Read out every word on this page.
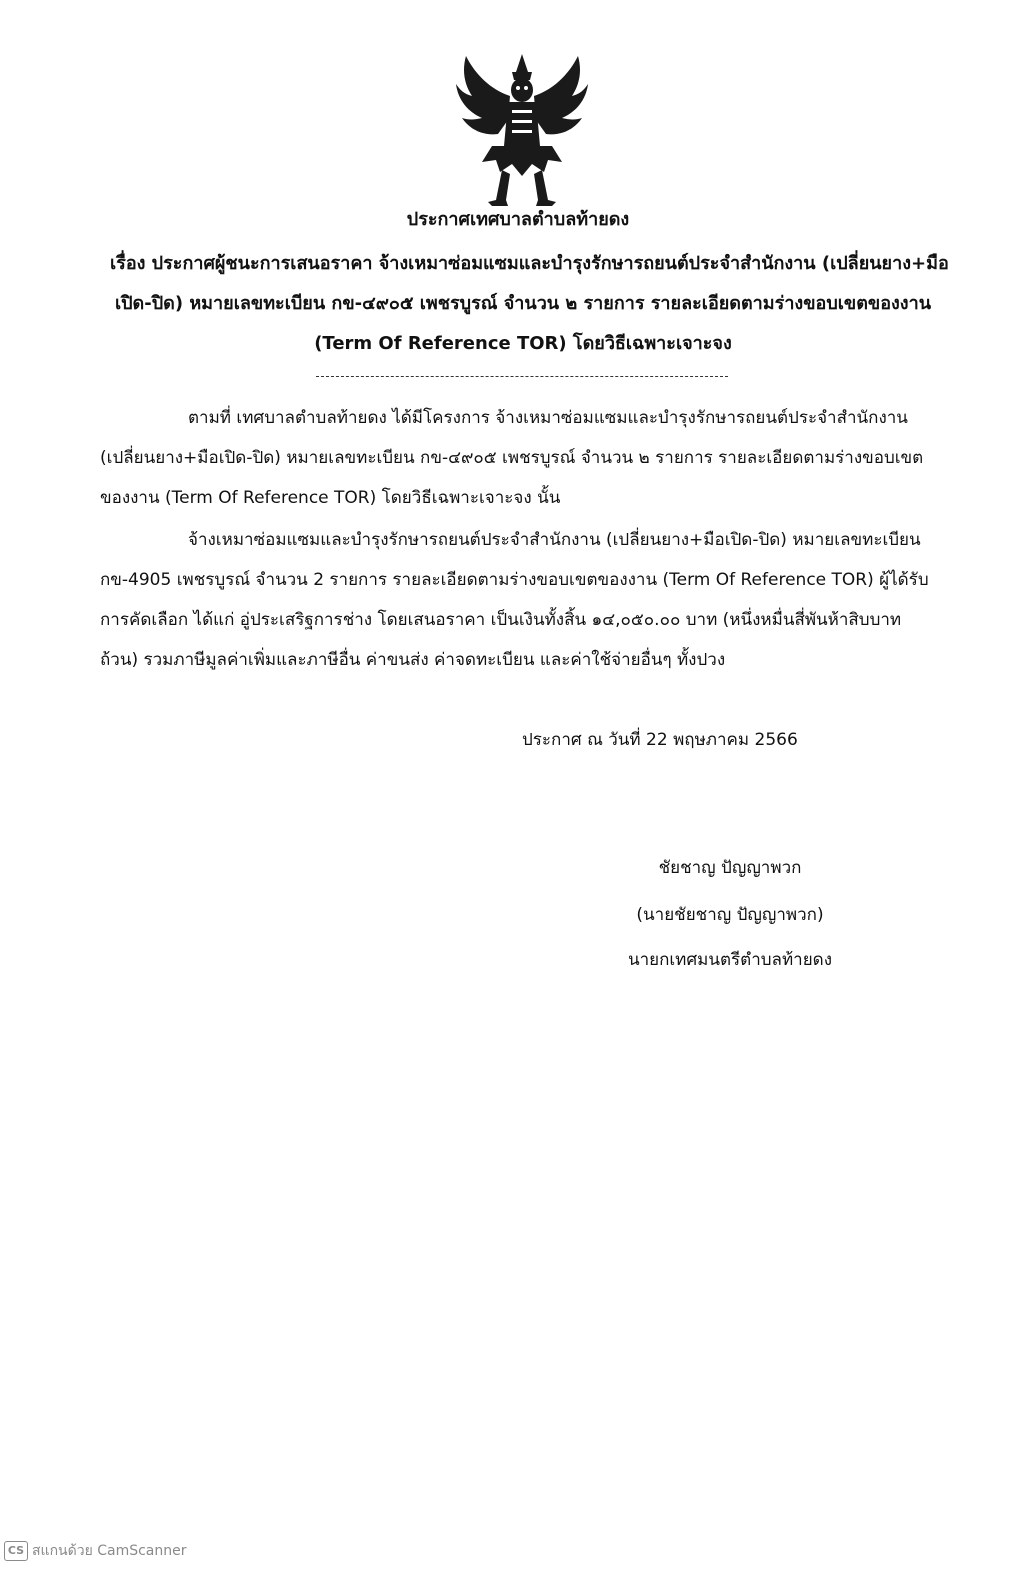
ประกาศเทศบาลตำบลท้ายดง
เรื่อง ประกาศผู้ชนะการเสนอราคา จ้างเหมาซ่อมแซมและบำรุงรักษารถยนต์ประจำสำนักงาน (เปลี่ยนยาง+มือ
เปิด-ปิด) หมายเลขทะเบียน กข-๔๙๐๕ เพชรบูรณ์ จำนวน ๒ รายการ รายละเอียดตามร่างขอบเขตของงาน
(Term Of Reference TOR) โดยวิธีเฉพาะเจาะจง
ตามที่ เทศบาลตำบลท้ายดง ได้มีโครงการ จ้างเหมาซ่อมแซมและบำรุงรักษารถยนต์ประจำสำนักงาน
(เปลี่ยนยาง+มือเปิด-ปิด) หมายเลขทะเบียน กข-๔๙๐๕ เพชรบูรณ์ จำนวน ๒ รายการ รายละเอียดตามร่างขอบเขต
ของงาน (Term Of Reference TOR) โดยวิธีเฉพาะเจาะจง นั้น
จ้างเหมาซ่อมแซมและบำรุงรักษารถยนต์ประจำสำนักงาน (เปลี่ยนยาง+มือเปิด-ปิด) หมายเลขทะเบียน
กข-4905 เพชรบูรณ์ จำนวน 2 รายการ รายละเอียดตามร่างขอบเขตของงาน (Term Of Reference TOR) ผู้ได้รับ
การคัดเลือก ได้แก่ อู่ประเสริฐการช่าง โดยเสนอราคา เป็นเงินทั้งสิ้น ๑๔,๐๕๐.๐๐ บาท (หนึ่งหมื่นสี่พันห้าสิบบาท
ถ้วน) รวมภาษีมูลค่าเพิ่มและภาษีอื่น ค่าขนส่ง ค่าจดทะเบียน และค่าใช้จ่ายอื่นๆ ทั้งปวง
ประกาศ ณ วันที่ 22 พฤษภาคม 2566
ชัยชาญ ปัญญาพวก
(นายชัยชาญ ปัญญาพวก)
นายกเทศมนตรีตำบลท้ายดง
CS สแกนด้วย CamScanner
